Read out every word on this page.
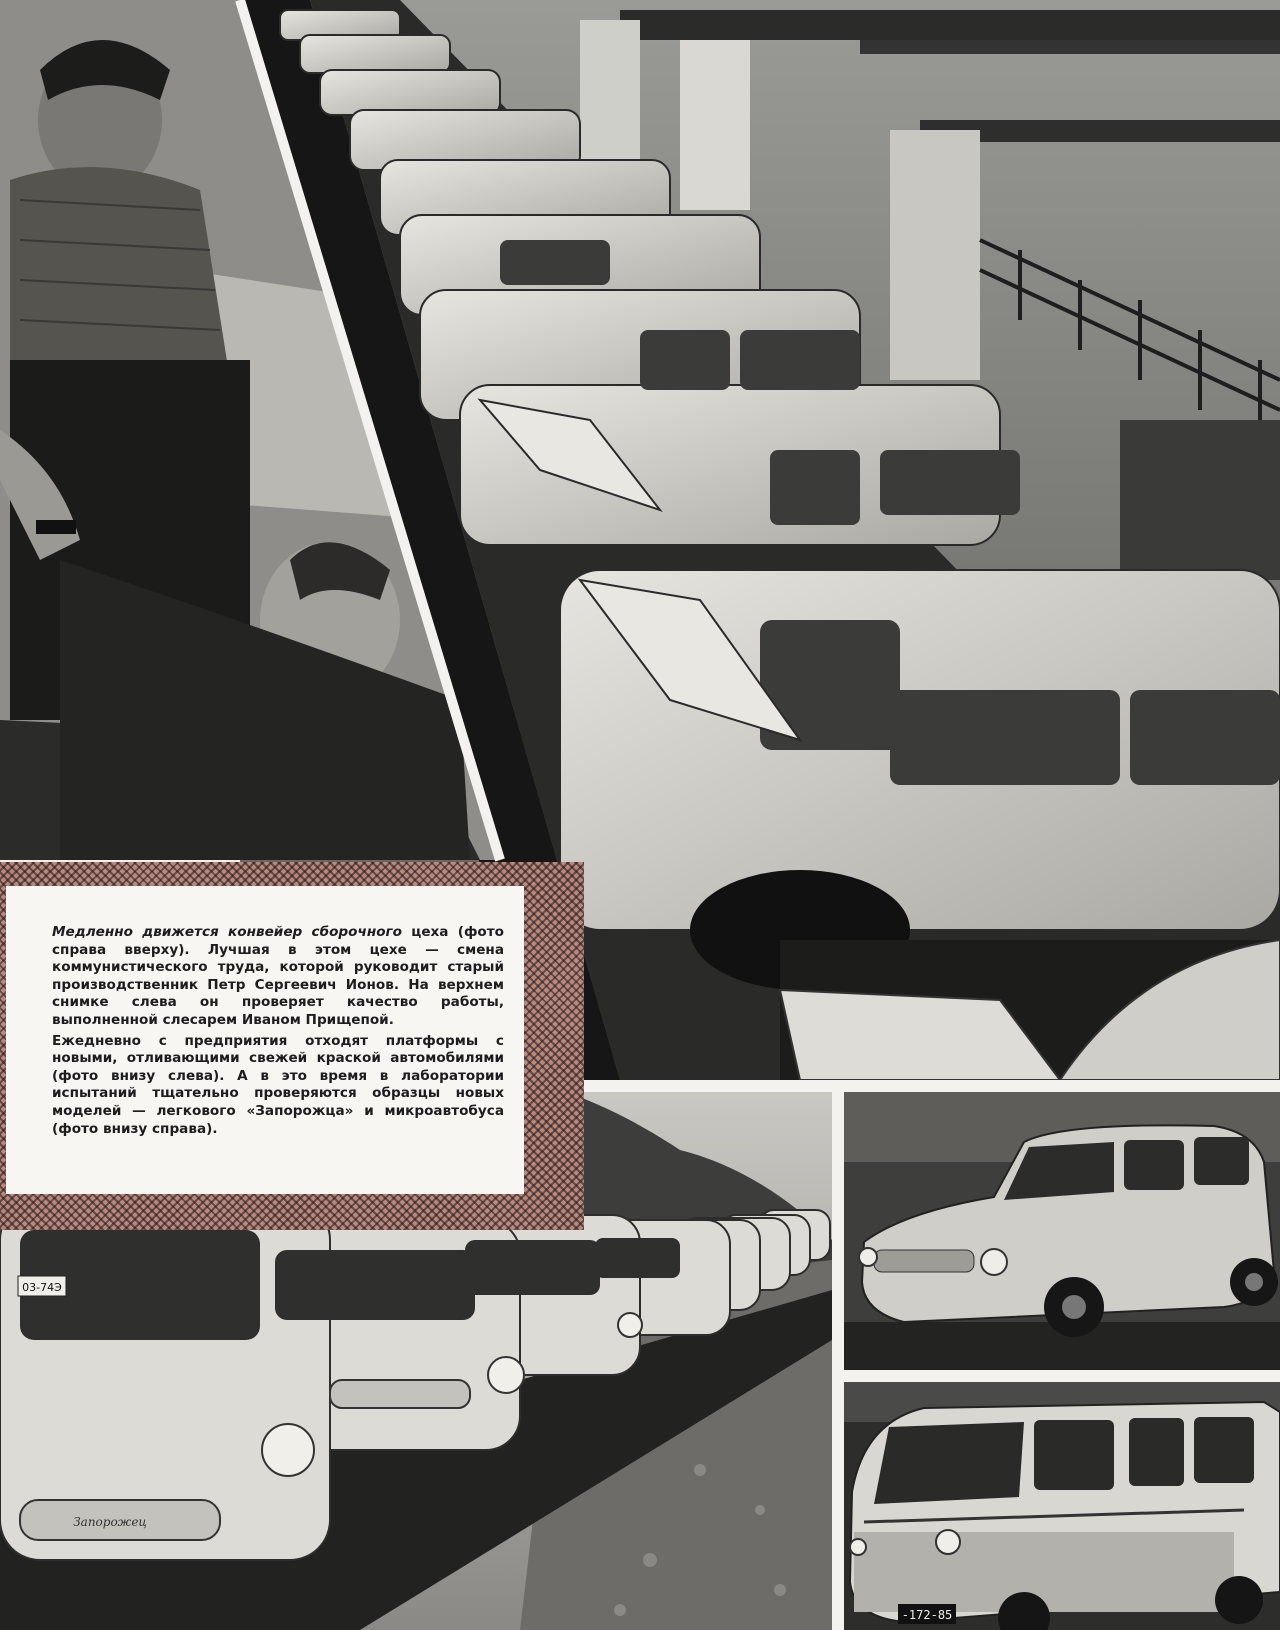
03-74Э
Запорожец
-172-85

Медленно движется конвейер сборочного цеха (фото справа вверху). Лучшая в этом цехе — смена коммунистического труда, которой руководит старый производственник Петр Сергеевич Ионов. На верхнем снимке слева он проверяет качество работы, выполненной слесарем Иваном Прищепой.

Ежедневно с предприятия отходят платформы с новыми, отливающими свежей краской автомобилями (фото внизу слева). А в это время в лаборатории испытаний тщательно проверяются образцы новых моделей — легкового «Запорожца» и микроавтобуса (фото внизу справа).
